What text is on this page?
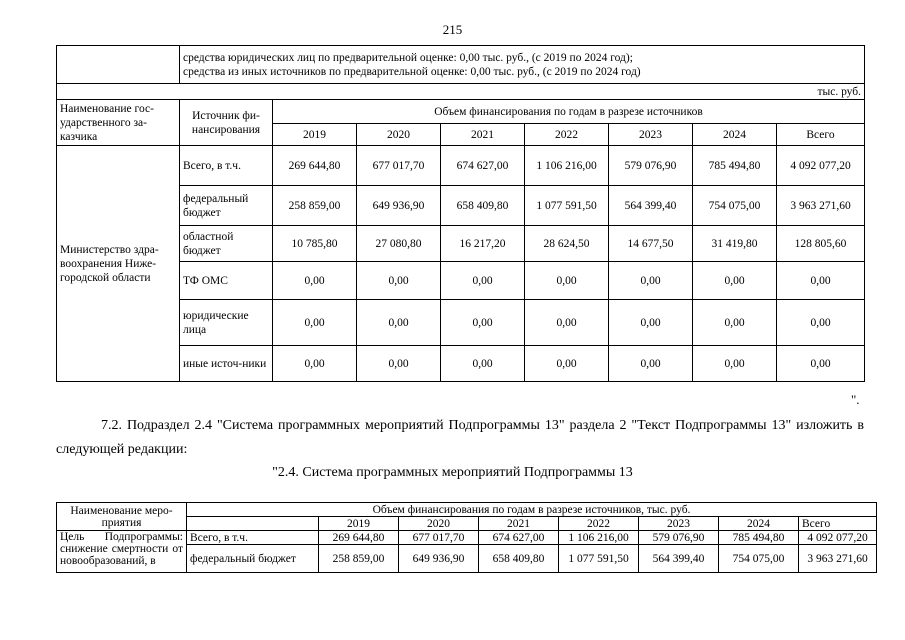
215

	средства юридических лиц по предварительной оценке: 0,00 тыс. руб., (с 2019 по 2024 год);
средства из иных источников по предварительной оценке: 0,00 тыс. руб., (с 2019 по 2024 год)							

тыс. руб.								
Наименование гос-ударственного за-казчика	Источник фи-нансирования	Объем финансирования по годам в разрезе источников						
		2019	2020	2021	2022	2023	2024	Всего
Министерство здра-воохранения Ниже-городской области	Всего, в т.ч.	269 644,80	677 017,70	674 627,00	1 106 216,00	579 076,90	785 494,80	4 092 077,20
	федеральный бюджет	258 859,00	649 936,90	658 409,80	1 077 591,50	564 399,40	754 075,00	3 963 271,60
	областной бюджет	10 785,80	27 080,80	16 217,20	28 624,50	14 677,50	31 419,80	128 805,60
	ТФ ОМС	0,00	0,00	0,00	0,00	0,00	0,00	0,00
	юридические лица	0,00	0,00	0,00	0,00	0,00	0,00	0,00
	иные источ-ники	0,00	0,00	0,00	0,00	0,00	0,00	0,00
".
7.2. Подраздел 2.4 "Система программных мероприятий Подпрограммы 13" раздела 2 "Текст Подпрограммы 13" изложить в следующей редакции:
"2.4. Система программных мероприятий Подпрограммы 13
Наименование меро-приятия	Объем финансирования по годам в разрезе источников, тыс. руб.							
		2019	2020	2021	2022	2023	2024	Всего
Цель Подпрограммы: снижение смертности от новообразований, в	Всего, в т.ч.	269 644,80	677 017,70	674 627,00	1 106 216,00	579 076,90	785 494,80	4 092 077,20
	федеральный бюджет	258 859,00	649 936,90	658 409,80	1 077 591,50	564 399,40	754 075,00	3 963 271,60
